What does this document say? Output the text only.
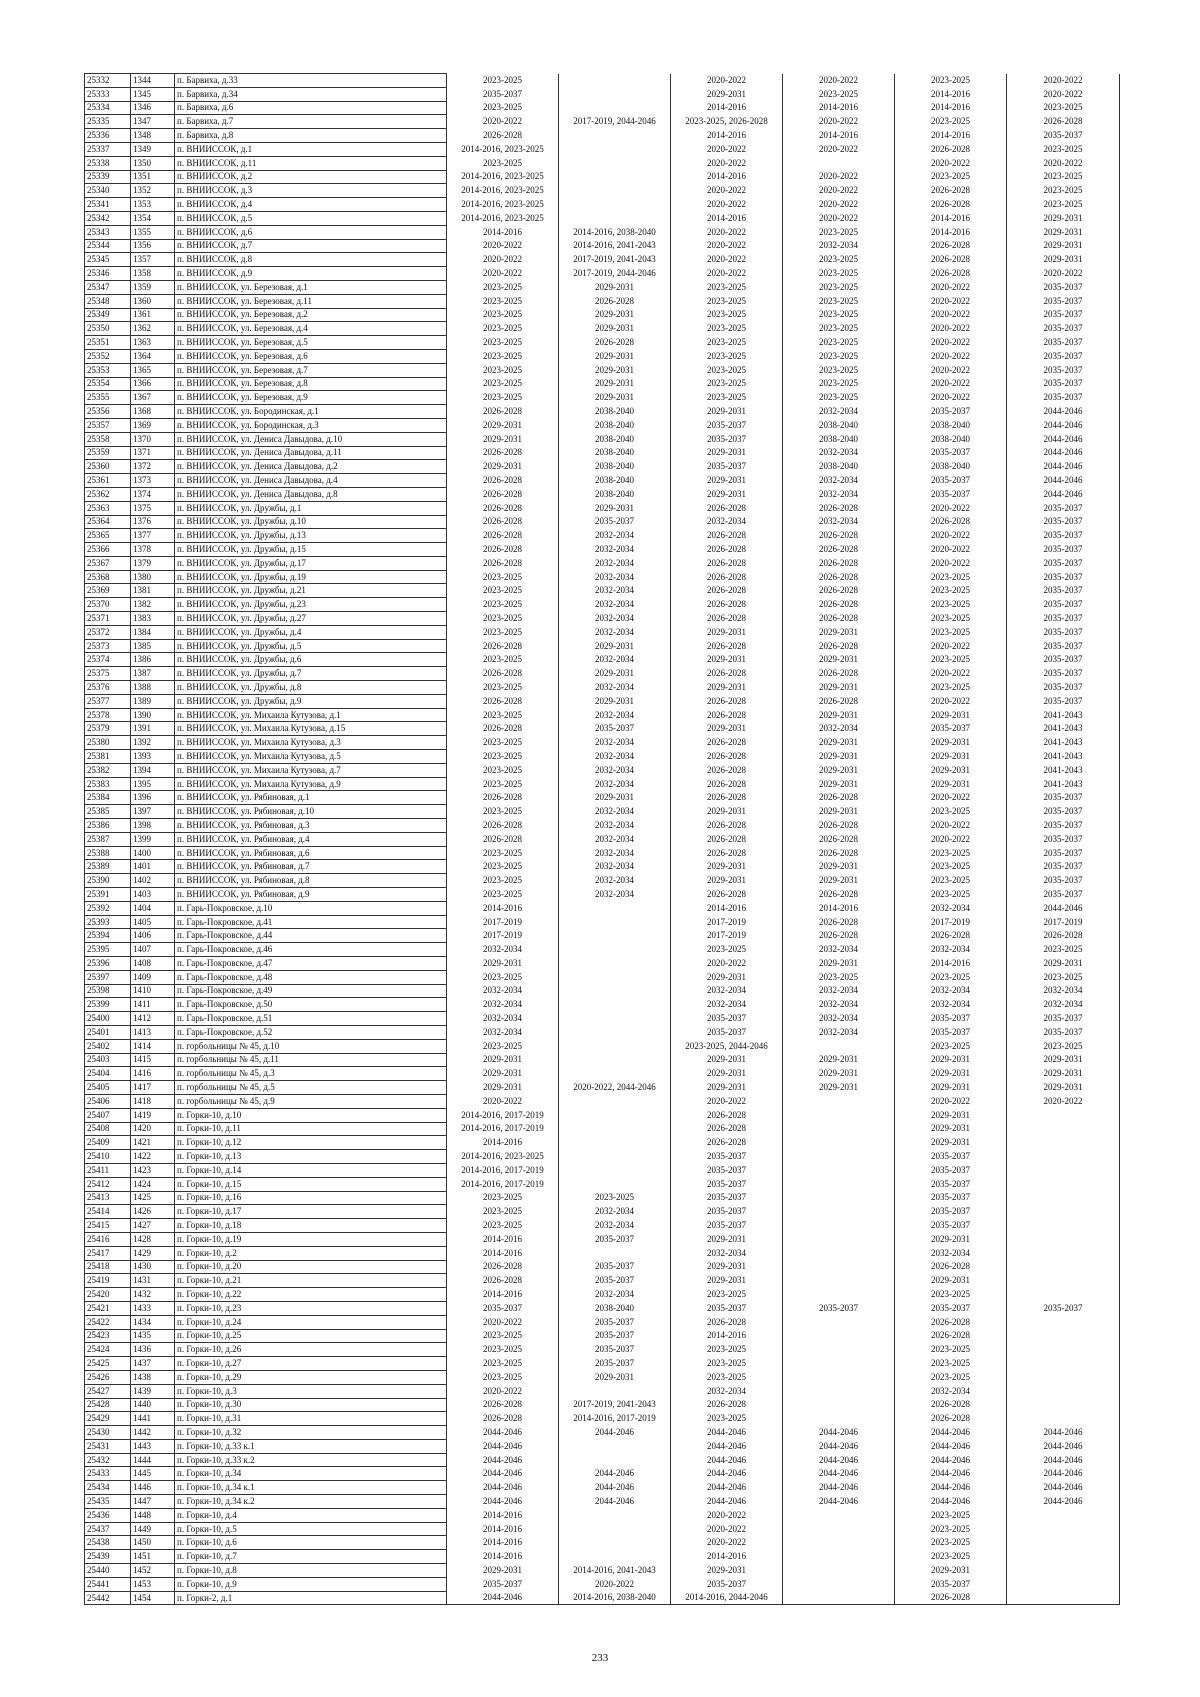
25332	1344	п. Барвиха, д.33	2023-2025		2020-2022	2020-2022	2023-2025	2020-2022
25333	1345	п. Барвиха, д.34	2035-2037		2029-2031	2023-2025	2014-2016	2020-2022
25334	1346	п. Барвиха, д.6	2023-2025		2014-2016	2014-2016	2014-2016	2023-2025
25335	1347	п. Барвиха, д.7	2020-2022	2017-2019, 2044-2046	2023-2025, 2026-2028	2020-2022	2023-2025	2026-2028
25336	1348	п. Барвиха, д.8	2026-2028		2014-2016	2014-2016	2014-2016	2035-2037
25337	1349	п. ВНИИССОК, д.1	2014-2016, 2023-2025		2020-2022	2020-2022	2026-2028	2023-2025
25338	1350	п. ВНИИССОК, д.11	2023-2025		2020-2022		2020-2022	2020-2022
25339	1351	п. ВНИИССОК, д.2	2014-2016, 2023-2025		2014-2016	2020-2022	2023-2025	2023-2025
25340	1352	п. ВНИИССОК, д.3	2014-2016, 2023-2025		2020-2022	2020-2022	2026-2028	2023-2025
25341	1353	п. ВНИИССОК, д.4	2014-2016, 2023-2025		2020-2022	2020-2022	2026-2028	2023-2025
25342	1354	п. ВНИИССОК, д.5	2014-2016, 2023-2025		2014-2016	2020-2022	2014-2016	2029-2031
25343	1355	п. ВНИИССОК, д.6	2014-2016	2014-2016, 2038-2040	2020-2022	2023-2025	2014-2016	2029-2031
25344	1356	п. ВНИИССОК, д.7	2020-2022	2014-2016, 2041-2043	2020-2022	2032-2034	2026-2028	2029-2031
25345	1357	п. ВНИИССОК, д.8	2020-2022	2017-2019, 2041-2043	2020-2022	2023-2025	2026-2028	2029-2031
25346	1358	п. ВНИИССОК, д.9	2020-2022	2017-2019, 2044-2046	2020-2022	2023-2025	2026-2028	2020-2022
25347	1359	п. ВНИИССОК, ул. Березовая, д.1	2023-2025	2029-2031	2023-2025	2023-2025	2020-2022	2035-2037
25348	1360	п. ВНИИССОК, ул. Березовая, д.11	2023-2025	2026-2028	2023-2025	2023-2025	2020-2022	2035-2037
25349	1361	п. ВНИИССОК, ул. Березовая, д.2	2023-2025	2029-2031	2023-2025	2023-2025	2020-2022	2035-2037
25350	1362	п. ВНИИССОК, ул. Березовая, д.4	2023-2025	2029-2031	2023-2025	2023-2025	2020-2022	2035-2037
25351	1363	п. ВНИИССОК, ул. Березовая, д.5	2023-2025	2026-2028	2023-2025	2023-2025	2020-2022	2035-2037
25352	1364	п. ВНИИССОК, ул. Березовая, д.6	2023-2025	2029-2031	2023-2025	2023-2025	2020-2022	2035-2037
25353	1365	п. ВНИИССОК, ул. Березовая, д.7	2023-2025	2029-2031	2023-2025	2023-2025	2020-2022	2035-2037
25354	1366	п. ВНИИССОК, ул. Березовая, д.8	2023-2025	2029-2031	2023-2025	2023-2025	2020-2022	2035-2037
25355	1367	п. ВНИИССОК, ул. Березовая, д.9	2023-2025	2029-2031	2023-2025	2023-2025	2020-2022	2035-2037
25356	1368	п. ВНИИССОК, ул. Бородинская, д.1	2026-2028	2038-2040	2029-2031	2032-2034	2035-2037	2044-2046
25357	1369	п. ВНИИССОК, ул. Бородинская, д.3	2029-2031	2038-2040	2035-2037	2038-2040	2038-2040	2044-2046
25358	1370	п. ВНИИССОК, ул. Дениса Давыдова, д.10	2029-2031	2038-2040	2035-2037	2038-2040	2038-2040	2044-2046
25359	1371	п. ВНИИССОК, ул. Дениса Давыдова, д.11	2026-2028	2038-2040	2029-2031	2032-2034	2035-2037	2044-2046
25360	1372	п. ВНИИССОК, ул. Дениса Давыдова, д.2	2029-2031	2038-2040	2035-2037	2038-2040	2038-2040	2044-2046
25361	1373	п. ВНИИССОК, ул. Дениса Давыдова, д.4	2026-2028	2038-2040	2029-2031	2032-2034	2035-2037	2044-2046
25362	1374	п. ВНИИССОК, ул. Дениса Давыдова, д.8	2026-2028	2038-2040	2029-2031	2032-2034	2035-2037	2044-2046
25363	1375	п. ВНИИССОК, ул. Дружбы, д.1	2026-2028	2029-2031	2026-2028	2026-2028	2020-2022	2035-2037
25364	1376	п. ВНИИССОК, ул. Дружбы, д.10	2026-2028	2035-2037	2032-2034	2032-2034	2026-2028	2035-2037
25365	1377	п. ВНИИССОК, ул. Дружбы, д.13	2026-2028	2032-2034	2026-2028	2026-2028	2020-2022	2035-2037
25366	1378	п. ВНИИССОК, ул. Дружбы, д.15	2026-2028	2032-2034	2026-2028	2026-2028	2020-2022	2035-2037
25367	1379	п. ВНИИССОК, ул. Дружбы, д.17	2026-2028	2032-2034	2026-2028	2026-2028	2020-2022	2035-2037
25368	1380	п. ВНИИССОК, ул. Дружбы, д.19	2023-2025	2032-2034	2026-2028	2026-2028	2023-2025	2035-2037
25369	1381	п. ВНИИССОК, ул. Дружбы, д.21	2023-2025	2032-2034	2026-2028	2026-2028	2023-2025	2035-2037
25370	1382	п. ВНИИССОК, ул. Дружбы, д.23	2023-2025	2032-2034	2026-2028	2026-2028	2023-2025	2035-2037
25371	1383	п. ВНИИССОК, ул. Дружбы, д.27	2023-2025	2032-2034	2026-2028	2026-2028	2023-2025	2035-2037
25372	1384	п. ВНИИССОК, ул. Дружбы, д.4	2023-2025	2032-2034	2029-2031	2029-2031	2023-2025	2035-2037
25373	1385	п. ВНИИССОК, ул. Дружбы, д.5	2026-2028	2029-2031	2026-2028	2026-2028	2020-2022	2035-2037
25374	1386	п. ВНИИССОК, ул. Дружбы, д.6	2023-2025	2032-2034	2029-2031	2029-2031	2023-2025	2035-2037
25375	1387	п. ВНИИССОК, ул. Дружбы, д.7	2026-2028	2029-2031	2026-2028	2026-2028	2020-2022	2035-2037
25376	1388	п. ВНИИССОК, ул. Дружбы, д.8	2023-2025	2032-2034	2029-2031	2029-2031	2023-2025	2035-2037
25377	1389	п. ВНИИССОК, ул. Дружбы, д.9	2026-2028	2029-2031	2026-2028	2026-2028	2020-2022	2035-2037
25378	1390	п. ВНИИССОК, ул. Михаила Кутузова, д.1	2023-2025	2032-2034	2026-2028	2029-2031	2029-2031	2041-2043
25379	1391	п. ВНИИССОК, ул. Михаила Кутузова, д.15	2026-2028	2035-2037	2029-2031	2032-2034	2035-2037	2041-2043
25380	1392	п. ВНИИССОК, ул. Михаила Кутузова, д.3	2023-2025	2032-2034	2026-2028	2029-2031	2029-2031	2041-2043
25381	1393	п. ВНИИССОК, ул. Михаила Кутузова, д.5	2023-2025	2032-2034	2026-2028	2029-2031	2029-2031	2041-2043
25382	1394	п. ВНИИССОК, ул. Михаила Кутузова, д.7	2023-2025	2032-2034	2026-2028	2029-2031	2029-2031	2041-2043
25383	1395	п. ВНИИССОК, ул. Михаила Кутузова, д.9	2023-2025	2032-2034	2026-2028	2029-2031	2029-2031	2041-2043
25384	1396	п. ВНИИССОК, ул. Рябиновая, д.1	2026-2028	2029-2031	2026-2028	2026-2028	2020-2022	2035-2037
25385	1397	п. ВНИИССОК, ул. Рябиновая, д.10	2023-2025	2032-2034	2029-2031	2029-2031	2023-2025	2035-2037
25386	1398	п. ВНИИССОК, ул. Рябиновая, д.3	2026-2028	2032-2034	2026-2028	2026-2028	2020-2022	2035-2037
25387	1399	п. ВНИИССОК, ул. Рябиновая, д.4	2026-2028	2032-2034	2026-2028	2026-2028	2020-2022	2035-2037
25388	1400	п. ВНИИССОК, ул. Рябиновая, д.6	2023-2025	2032-2034	2026-2028	2026-2028	2023-2025	2035-2037
25389	1401	п. ВНИИССОК, ул. Рябиновая, д.7	2023-2025	2032-2034	2029-2031	2029-2031	2023-2025	2035-2037
25390	1402	п. ВНИИССОК, ул. Рябиновая, д.8	2023-2025	2032-2034	2029-2031	2029-2031	2023-2025	2035-2037
25391	1403	п. ВНИИССОК, ул. Рябиновая, д.9	2023-2025	2032-2034	2026-2028	2026-2028	2023-2025	2035-2037
25392	1404	п. Гарь-Покровское, д.10	2014-2016		2014-2016	2014-2016	2032-2034	2044-2046
25393	1405	п. Гарь-Покровское, д.41	2017-2019		2017-2019	2026-2028	2017-2019	2017-2019
25394	1406	п. Гарь-Покровское, д.44	2017-2019		2017-2019	2026-2028	2026-2028	2026-2028
25395	1407	п. Гарь-Покровское, д.46	2032-2034		2023-2025	2032-2034	2032-2034	2023-2025
25396	1408	п. Гарь-Покровское, д.47	2029-2031		2020-2022	2029-2031	2014-2016	2029-2031
25397	1409	п. Гарь-Покровское, д.48	2023-2025		2029-2031	2023-2025	2023-2025	2023-2025
25398	1410	п. Гарь-Покровское, д.49	2032-2034		2032-2034	2032-2034	2032-2034	2032-2034
25399	1411	п. Гарь-Покровское, д.50	2032-2034		2032-2034	2032-2034	2032-2034	2032-2034
25400	1412	п. Гарь-Покровское, д.51	2032-2034		2035-2037	2032-2034	2035-2037	2035-2037
25401	1413	п. Гарь-Покровское, д.52	2032-2034		2035-2037	2032-2034	2035-2037	2035-2037
25402	1414	п. горбольницы № 45, д.10	2023-2025		2023-2025, 2044-2046		2023-2025	2023-2025
25403	1415	п. горбольницы № 45, д.11	2029-2031		2029-2031	2029-2031	2029-2031	2029-2031
25404	1416	п. горбольницы № 45, д.3	2029-2031		2029-2031	2029-2031	2029-2031	2029-2031
25405	1417	п. горбольницы № 45, д.5	2029-2031	2020-2022, 2044-2046	2029-2031	2029-2031	2029-2031	2029-2031
25406	1418	п. горбольницы № 45, д.9	2020-2022		2020-2022		2020-2022	2020-2022
25407	1419	п. Горки-10, д.10	2014-2016, 2017-2019		2026-2028		2029-2031	
25408	1420	п. Горки-10, д.11	2014-2016, 2017-2019		2026-2028		2029-2031	
25409	1421	п. Горки-10, д.12	2014-2016		2026-2028		2029-2031	
25410	1422	п. Горки-10, д.13	2014-2016, 2023-2025		2035-2037		2035-2037	
25411	1423	п. Горки-10, д.14	2014-2016, 2017-2019		2035-2037		2035-2037	
25412	1424	п. Горки-10, д.15	2014-2016, 2017-2019		2035-2037		2035-2037	
25413	1425	п. Горки-10, д.16	2023-2025	2023-2025	2035-2037		2035-2037	
25414	1426	п. Горки-10, д.17	2023-2025	2032-2034	2035-2037		2035-2037	
25415	1427	п. Горки-10, д.18	2023-2025	2032-2034	2035-2037		2035-2037	
25416	1428	п. Горки-10, д.19	2014-2016	2035-2037	2029-2031		2029-2031	
25417	1429	п. Горки-10, д.2	2014-2016		2032-2034		2032-2034	
25418	1430	п. Горки-10, д.20	2026-2028	2035-2037	2029-2031		2026-2028	
25419	1431	п. Горки-10, д.21	2026-2028	2035-2037	2029-2031		2029-2031	
25420	1432	п. Горки-10, д.22	2014-2016	2032-2034	2023-2025		2023-2025	
25421	1433	п. Горки-10, д.23	2035-2037	2038-2040	2035-2037	2035-2037	2035-2037	2035-2037
25422	1434	п. Горки-10, д.24	2020-2022	2035-2037	2026-2028		2026-2028	
25423	1435	п. Горки-10, д.25	2023-2025	2035-2037	2014-2016		2026-2028	
25424	1436	п. Горки-10, д.26	2023-2025	2035-2037	2023-2025		2023-2025	
25425	1437	п. Горки-10, д.27	2023-2025	2035-2037	2023-2025		2023-2025	
25426	1438	п. Горки-10, д.29	2023-2025	2029-2031	2023-2025		2023-2025	
25427	1439	п. Горки-10, д.3	2020-2022		2032-2034		2032-2034	
25428	1440	п. Горки-10, д.30	2026-2028	2017-2019, 2041-2043	2026-2028		2026-2028	
25429	1441	п. Горки-10, д.31	2026-2028	2014-2016, 2017-2019	2023-2025		2026-2028	
25430	1442	п. Горки-10, д.32	2044-2046	2044-2046	2044-2046	2044-2046	2044-2046	2044-2046
25431	1443	п. Горки-10, д.33 к.1	2044-2046		2044-2046	2044-2046	2044-2046	2044-2046
25432	1444	п. Горки-10, д.33 к.2	2044-2046		2044-2046	2044-2046	2044-2046	2044-2046
25433	1445	п. Горки-10, д.34	2044-2046	2044-2046	2044-2046	2044-2046	2044-2046	2044-2046
25434	1446	п. Горки-10, д.34 к.1	2044-2046	2044-2046	2044-2046	2044-2046	2044-2046	2044-2046
25435	1447	п. Горки-10, д.34 к.2	2044-2046	2044-2046	2044-2046	2044-2046	2044-2046	2044-2046
25436	1448	п. Горки-10, д.4	2014-2016		2020-2022		2023-2025	
25437	1449	п. Горки-10, д.5	2014-2016		2020-2022		2023-2025	
25438	1450	п. Горки-10, д.6	2014-2016		2020-2022		2023-2025	
25439	1451	п. Горки-10, д.7	2014-2016		2014-2016		2023-2025	
25440	1452	п. Горки-10, д.8	2029-2031	2014-2016, 2041-2043	2029-2031		2029-2031	
25441	1453	п. Горки-10, д.9	2035-2037	2020-2022	2035-2037		2035-2037	
25442	1454	п. Горки-2, д.1	2044-2046	2014-2016, 2038-2040	2014-2016, 2044-2046		2026-2028	
233
